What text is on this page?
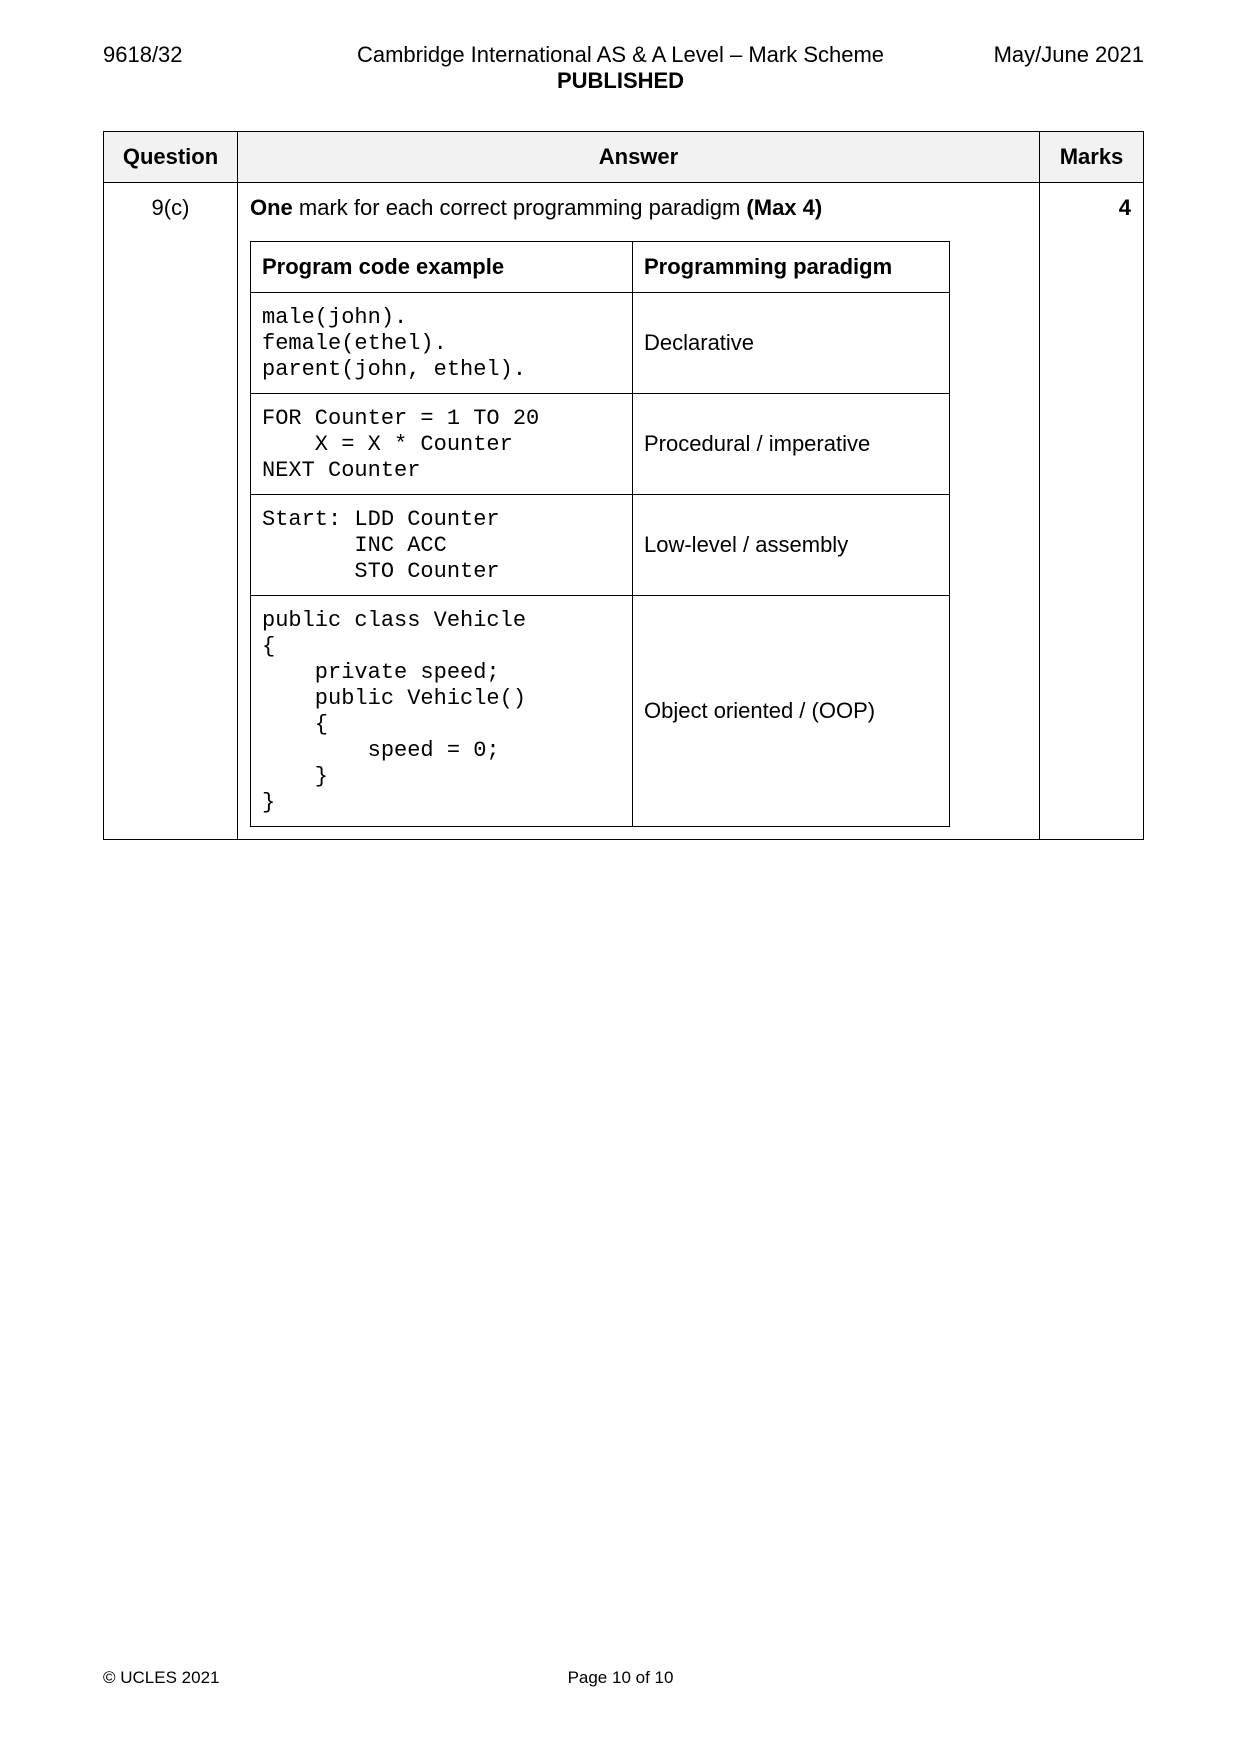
9618/32	Cambridge International AS & A Level – Mark Scheme
PUBLISHED
May/June 2021
Question	Answer	Marks
9(c)	One mark for each correct programming paradigm (Max 4)

Program code example	Programming paradigm
male(john).
female(ethel).
parent(john, ethel).	Declarative
FOR Counter = 1 TO 20
X = X * Counter
NEXT Counter	Procedural / imperative
Start: LDD Counter
INC ACC
STO Counter	Low-level / assembly
public class Vehicle
{
private speed;
public Vehicle()
{
speed = 0;
}
}	Object oriented / (OOP)
	4
© UCLES 2021	Page 10 of 10
